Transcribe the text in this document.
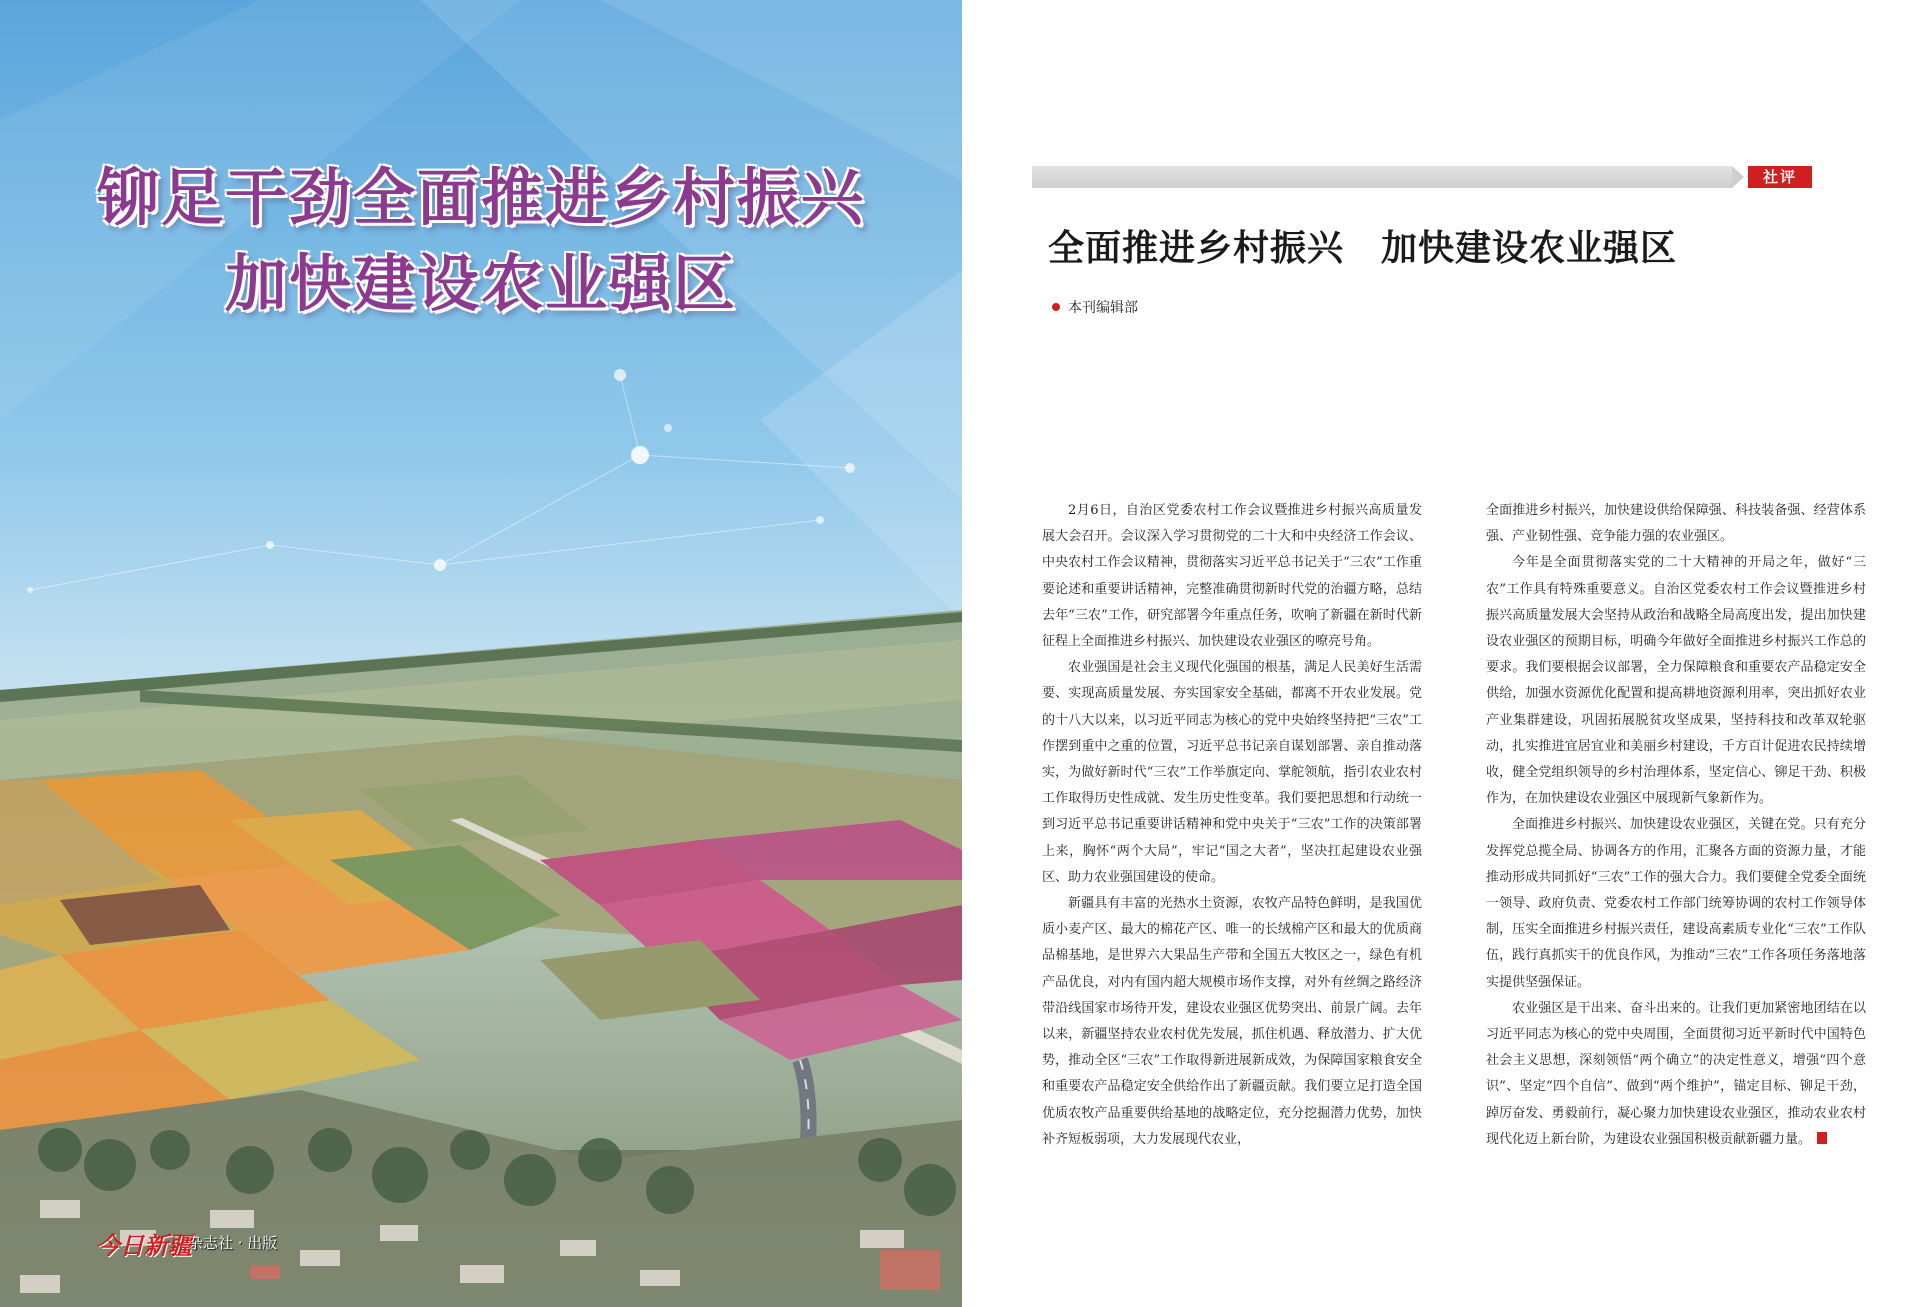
铆足干劲全面推进乡村振兴
加快建设农业强区
今日新疆
杂志社 · 出版
社评
全面推进乡村振兴　加快建设农业强区
本刊编辑部

2月6日，自治区党委农村工作会议暨推进乡村振兴高质量发展大会召开。会议深入学习贯彻党的二十大和中央经济工作会议、中央农村工作会议精神，贯彻落实习近平总书记关于“三农”工作重要论述和重要讲话精神，完整准确贯彻新时代党的治疆方略，总结去年“三农”工作，研究部署今年重点任务，吹响了新疆在新时代新征程上全面推进乡村振兴、加快建设农业强区的嘹亮号角。

农业强国是社会主义现代化强国的根基，满足人民美好生活需要、实现高质量发展、夯实国家安全基础，都离不开农业发展。党的十八大以来，以习近平同志为核心的党中央始终坚持把“三农”工作摆到重中之重的位置，习近平总书记亲自谋划部署、亲自推动落实，为做好新时代“三农”工作举旗定向、掌舵领航，指引农业农村工作取得历史性成就、发生历史性变革。我们要把思想和行动统一到习近平总书记重要讲话精神和党中央关于“三农”工作的决策部署上来，胸怀“两个大局”，牢记“国之大者”，坚决扛起建设农业强区、助力农业强国建设的使命。

新疆具有丰富的光热水土资源，农牧产品特色鲜明，是我国优质小麦产区、最大的棉花产区、唯一的长绒棉产区和最大的优质商品棉基地，是世界六大果品生产带和全国五大牧区之一，绿色有机产品优良，对内有国内超大规模市场作支撑，对外有丝绸之路经济带沿线国家市场待开发，建设农业强区优势突出、前景广阔。去年以来，新疆坚持农业农村优先发展，抓住机遇、释放潜力、扩大优势，推动全区“三农”工作取得新进展新成效，为保障国家粮食安全和重要农产品稳定安全供给作出了新疆贡献。我们要立足打造全国优质农牧产品重要供给基地的战略定位，充分挖掘潜力优势，加快补齐短板弱项，大力发展现代农业，

全面推进乡村振兴，加快建设供给保障强、科技装备强、经营体系强、产业韧性强、竞争能力强的农业强区。

今年是全面贯彻落实党的二十大精神的开局之年，做好“三农”工作具有特殊重要意义。自治区党委农村工作会议暨推进乡村振兴高质量发展大会坚持从政治和战略全局高度出发，提出加快建设农业强区的预期目标，明确今年做好全面推进乡村振兴工作总的要求。我们要根据会议部署，全力保障粮食和重要农产品稳定安全供给，加强水资源优化配置和提高耕地资源利用率，突出抓好农业产业集群建设，巩固拓展脱贫攻坚成果，坚持科技和改革双轮驱动，扎实推进宜居宜业和美丽乡村建设，千方百计促进农民持续增收，健全党组织领导的乡村治理体系，坚定信心、铆足干劲、积极作为，在加快建设农业强区中展现新气象新作为。

全面推进乡村振兴、加快建设农业强区，关键在党。只有充分发挥党总揽全局、协调各方的作用，汇聚各方面的资源力量，才能推动形成共同抓好“三农”工作的强大合力。我们要健全党委全面统一领导、政府负责、党委农村工作部门统筹协调的农村工作领导体制，压实全面推进乡村振兴责任，建设高素质专业化“三农”工作队伍，践行真抓实干的优良作风，为推动“三农”工作各项任务落地落实提供坚强保证。

农业强区是干出来、奋斗出来的。让我们更加紧密地团结在以习近平同志为核心的党中央周围，全面贯彻习近平新时代中国特色社会主义思想，深刻领悟“两个确立”的决定性意义，增强“四个意识”、坚定“四个自信”、做到“两个维护”，锚定目标、铆足干劲，踔厉奋发、勇毅前行，凝心聚力加快建设农业强区，推动农业农村现代化迈上新台阶，为建设农业强国积极贡献新疆力量。
